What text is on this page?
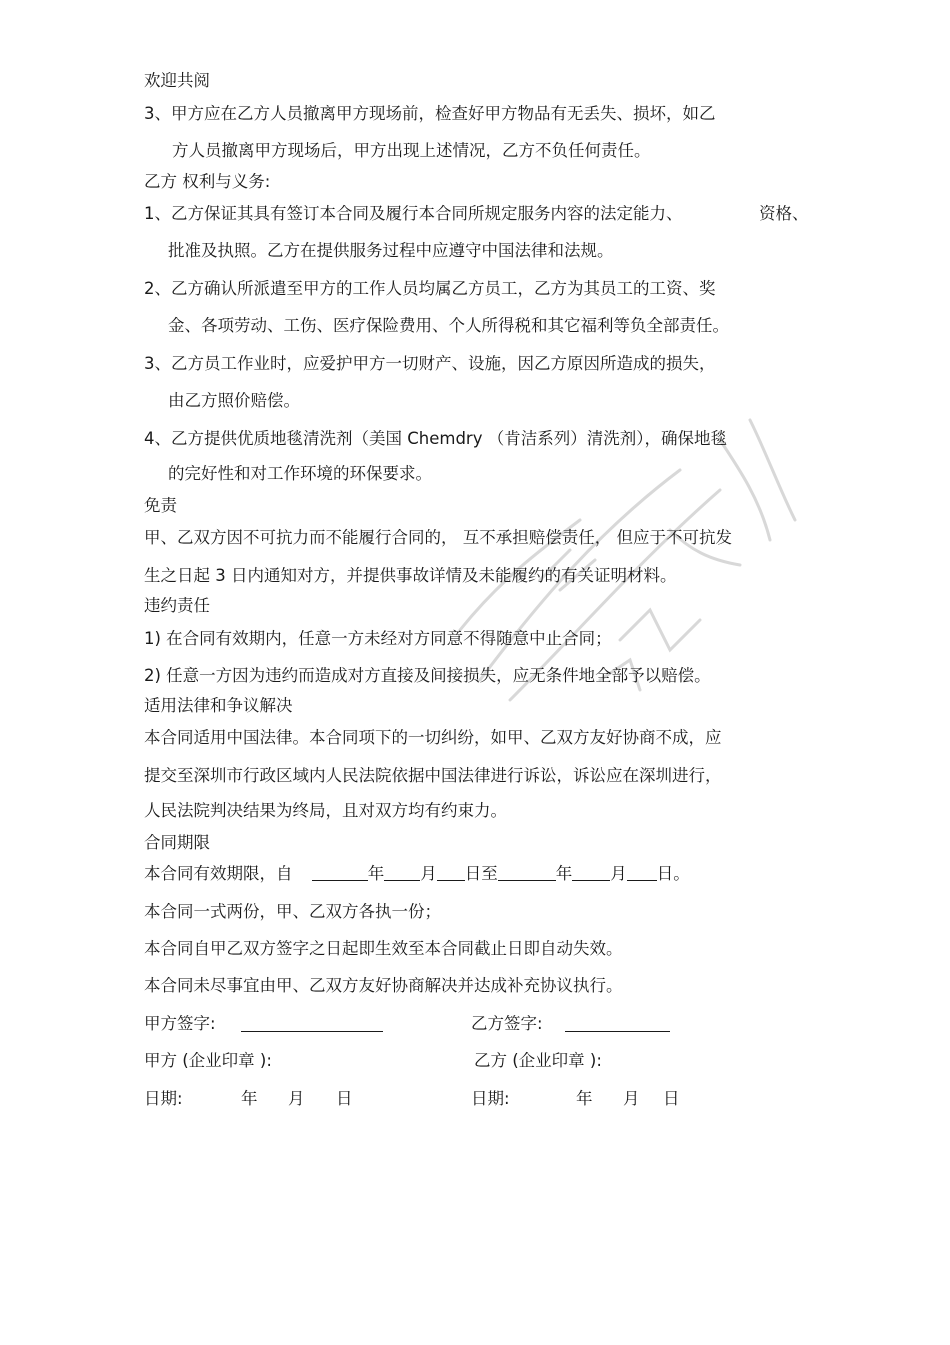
欢迎共阅
3、甲方应在乙方人员撤离甲方现场前，检查好甲方物品有无丢失、损坏，如乙
方人员撤离甲方现场后，甲方出现上述情况，乙方不负任何责任。
乙方 权利与义务:
1、乙方保证其具有签订本合同及履行本合同所规定服务内容的法定能力、	资格、
批准及执照。乙方在提供服务过程中应遵守中国法律和法规。
2、乙方确认所派遣至甲方的工作人员均属乙方员工，乙方为其员工的工资、奖
金、各项劳动、工伤、医疗保险费用、个人所得税和其它福利等负全部责任。
3、乙方员工作业时，应爱护甲方一切财产、设施，因乙方原因所造成的损失，
由乙方照价赔偿。
4、乙方提供优质地毯清洗剂（美国 Chemdry （肯洁系列）清洗剂），确保地毯
的完好性和对工作环境的环保要求。
免责
甲、乙双方因不可抗力而不能履行合同的， 互不承担赔偿责任， 但应于不可抗发
生之日起 3 日内通知对方，并提供事故详情及未能履约的有关证明材料。
违约责任
1) 在合同有效期内，任意一方未经对方同意不得随意中止合同；
2) 任意一方因为违约而造成对方直接及间接损失，应无条件地全部予以赔偿。
适用法律和争议解决
本合同适用中国法律。本合同项下的一切纠纷，如甲、乙双方友好协商不成，应
提交至深圳市行政区域内人民法院依据中国法律进行诉讼，诉讼应在深圳进行，
人民法院判决结果为终局，且对双方均有约束力。
合同期限
本合同有效期限，自	年 月 日至	年 月 日。
本合同一式两份，甲、乙双方各执一份；
本合同自甲乙双方签字之日起即生效至本合同截止日即自动失效。
本合同未尽事宜由甲、乙双方友好协商解决并达成补充协议执行。
甲方签字:	乙方签字:
甲方 (企业印章 ):	乙方 (企业印章 ):
日期:	年 月 日	日期:	年 月 日
